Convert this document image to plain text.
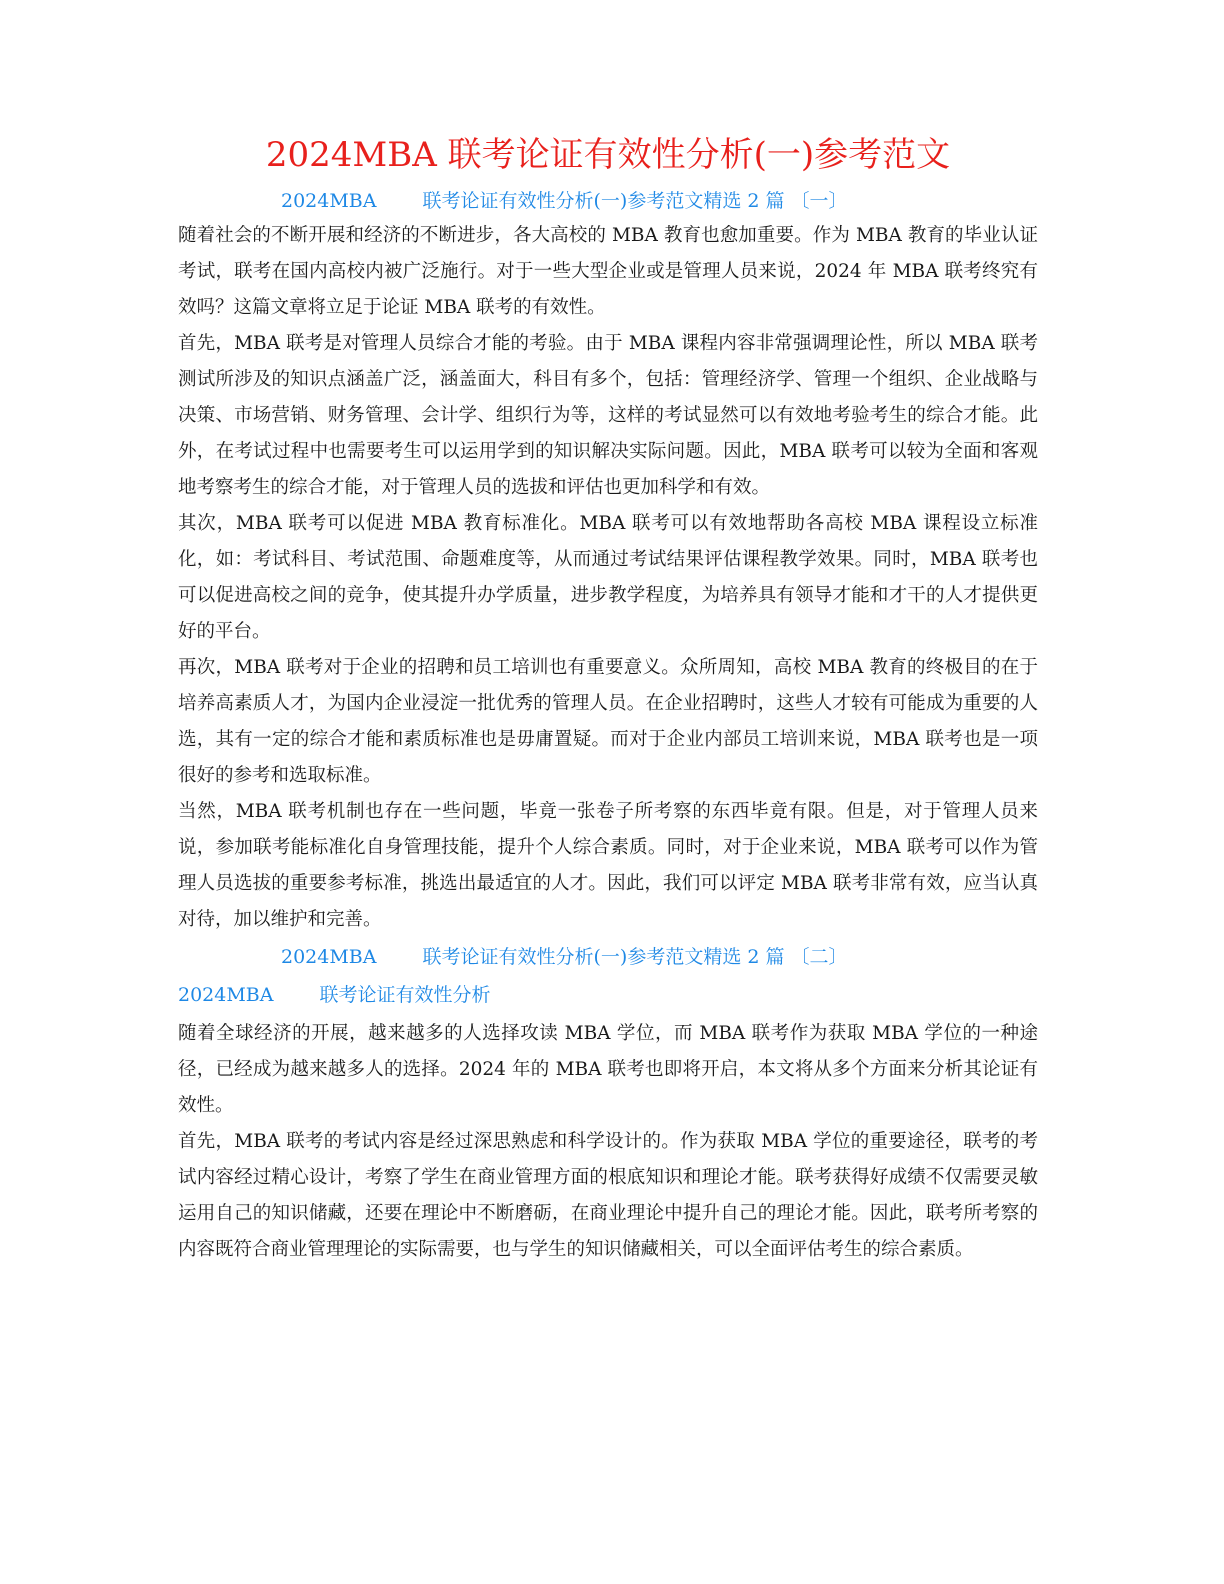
2024MBA 联考论证有效性分析(一)参考范文
2024MBA 联考论证有效性分析(一)参考范文精选 2 篇 〔一〕

随着社会的不断开展和经济的不断进步，各大高校的 MBA 教育也愈加重要。作为 MBA 教育的毕业认证考试，联考在国内高校内被广泛施行。对于一些大型企业或是管理人员来说，2024 年 MBA 联考终究有效吗？这篇文章将立足于论证 MBA 联考的有效性。

首先，MBA 联考是对管理人员综合才能的考验。由于 MBA 课程内容非常强调理论性，所以 MBA 联考测试所涉及的知识点涵盖广泛，涵盖面大，科目有多个，包括：管理经济学、管理一个组织、企业战略与决策、市场营销、财务管理、会计学、组织行为等，这样的考试显然可以有效地考验考生的综合才能。此外，在考试过程中也需要考生可以运用学到的知识解决实际问题。因此，MBA 联考可以较为全面和客观地考察考生的综合才能，对于管理人员的选拔和评估也更加科学和有效。

其次，MBA 联考可以促进 MBA 教育标准化。MBA 联考可以有效地帮助各高校 MBA 课程设立标准化，如：考试科目、考试范围、命题难度等，从而通过考试结果评估课程教学效果。同时，MBA 联考也可以促进高校之间的竞争，使其提升办学质量，进步教学程度，为培养具有领导才能和才干的人才提供更好的平台。

再次，MBA 联考对于企业的招聘和员工培训也有重要意义。众所周知，高校 MBA 教育的终极目的在于培养高素质人才，为国内企业浸淀一批优秀的管理人员。在企业招聘时，这些人才较有可能成为重要的人选，其有一定的综合才能和素质标准也是毋庸置疑。而对于企业内部员工培训来说，MBA 联考也是一项很好的参考和选取标准。

当然，MBA 联考机制也存在一些问题，毕竟一张卷子所考察的东西毕竟有限。但是，对于管理人员来说，参加联考能标准化自身管理技能，提升个人综合素质。同时，对于企业来说，MBA 联考可以作为管理人员选拔的重要参考标准，挑选出最适宜的人才。因此，我们可以评定 MBA 联考非常有效，应当认真对待，加以维护和完善。

2024MBA 联考论证有效性分析(一)参考范文精选 2 篇 〔二〕
2024MBA 联考论证有效性分析

随着全球经济的开展，越来越多的人选择攻读 MBA 学位，而 MBA 联考作为获取 MBA 学位的一种途径，已经成为越来越多人的选择。2024 年的 MBA 联考也即将开启，本文将从多个方面来分析其论证有效性。

首先，MBA 联考的考试内容是经过深思熟虑和科学设计的。作为获取 MBA 学位的重要途径，联考的考试内容经过精心设计，考察了学生在商业管理方面的根底知识和理论才能。联考获得好成绩不仅需要灵敏运用自己的知识储藏，还要在理论中不断磨砺，在商业理论中提升自己的理论才能。因此，联考所考察的内容既符合商业管理理论的实际需要，也与学生的知识储藏相关，可以全面评估考生的综合素质。
